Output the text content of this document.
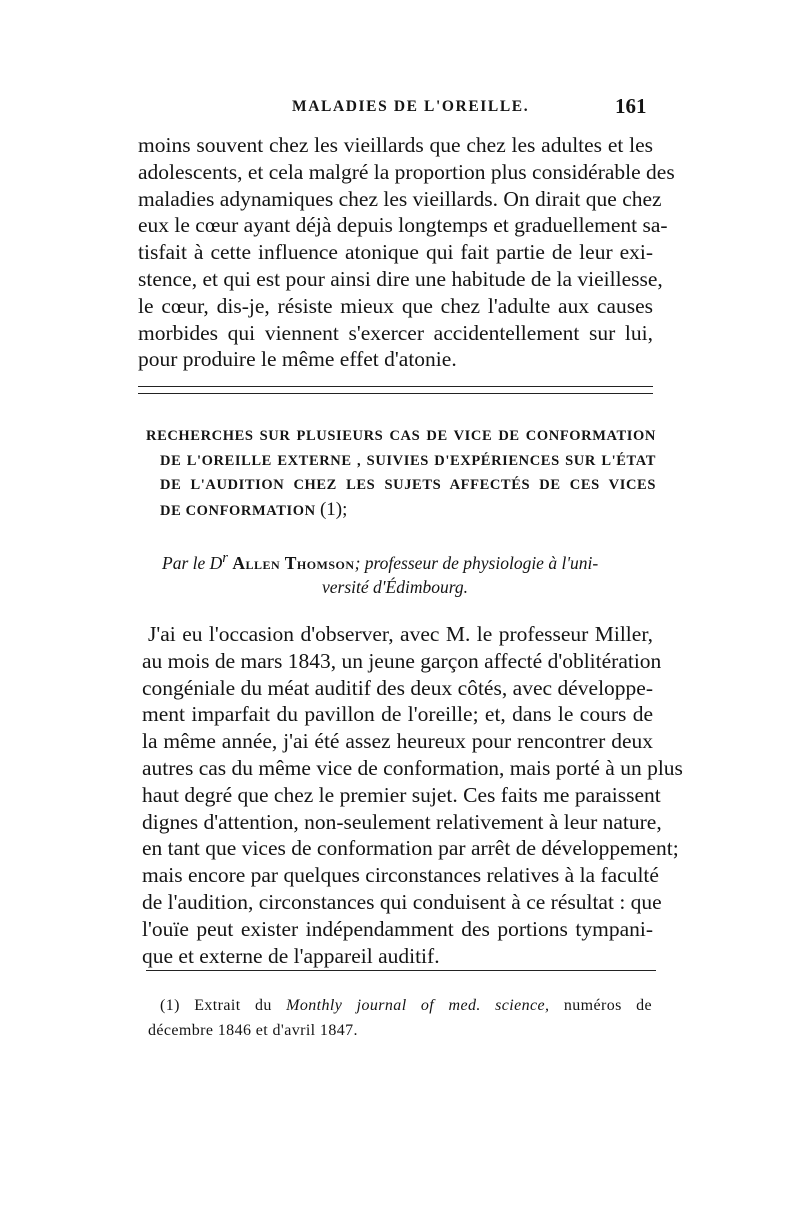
MALADIES DE L'OREILLE.	161
moins souvent chez les vieillards que chez les adultes et les
adolescents, et cela malgré la proportion plus considérable des
maladies adynamiques chez les vieillards. On dirait que chez
eux le cœur ayant déjà depuis longtemps et graduellement sa-
tisfait à cette influence atonique qui fait partie de leur exi-
stence, et qui est pour ainsi dire une habitude de la vieillesse,
le cœur, dis-je, résiste mieux que chez l'adulte aux causes
morbides qui viennent s'exercer accidentellement sur lui,
pour produire le même effet d'atonie.
RECHERCHES SUR PLUSIEURS CAS DE VICE DE CONFORMATION
DE L'OREILLE EXTERNE , SUIVIES D'EXPÉRIENCES SUR L'ÉTAT
DE L'AUDITION CHEZ LES SUJETS AFFECTÉS DE CES VICES
DE CONFORMATION (1);
Par le $D^r$ Allen Thomson; professeur de physiologie à l'uni-
versité d'Édimbourg.
J'ai eu l'occasion d'observer, avec M. le professeur Miller,
au mois de mars 1843, un jeune garçon affecté d'oblitération
congéniale du méat auditif des deux côtés, avec développe-
ment imparfait du pavillon de l'oreille; et, dans le cours de
la même année, j'ai été assez heureux pour rencontrer deux
autres cas du même vice de conformation, mais porté à un plus
haut degré que chez le premier sujet. Ces faits me paraissent
dignes d'attention, non-seulement relativement à leur nature,
en tant que vices de conformation par arrêt de développement;
mais encore par quelques circonstances relatives à la faculté
de l'audition, circonstances qui conduisent à ce résultat : que
l'ouïe peut exister indépendamment des portions tympani-
que et externe de l'appareil auditif.
(1) Extrait du Monthly journal of med. science, numéros de
décembre 1846 et d'avril 1847.
